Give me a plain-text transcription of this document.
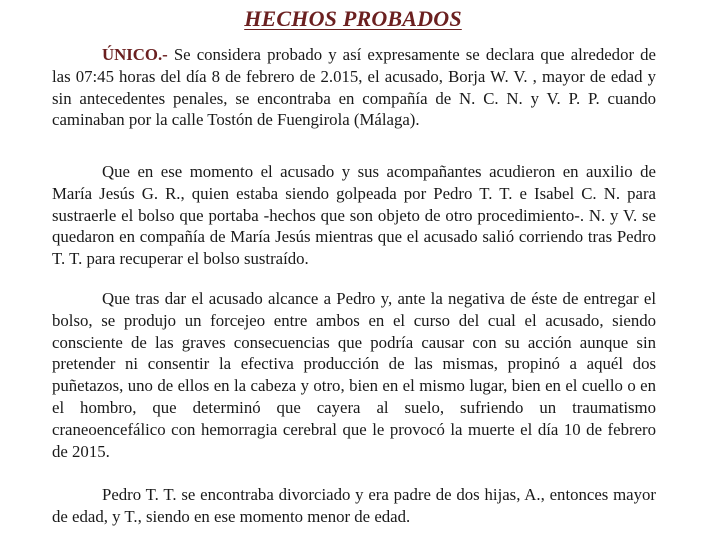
HECHOS PROBADOS

ÚNICO.- Se considera probado y así expresamente se declara que alrededor de las 07:45 horas del día 8 de febrero de 2.015, el acusado, Borja W. V. , mayor de edad y sin antecedentes penales, se encontraba en compañía de N. C. N. y V. P. P. cuando caminaban por la calle Tostón de Fuengirola (Málaga).

Que en ese momento el acusado y sus acompañantes acudieron en auxilio de María Jesús G. R., quien estaba siendo golpeada por Pedro T. T. e Isabel C. N. para sustraerle el bolso que portaba -hechos que son objeto de otro procedimiento-. N. y V. se quedaron en compañía de María Jesús mientras que el acusado salió corriendo tras Pedro T. T. para recuperar el bolso sustraído.

Que tras dar el acusado alcance a Pedro y, ante la negativa de éste de entregar el bolso, se produjo un forcejeo entre ambos en el curso del cual el acusado, siendo consciente de las graves consecuencias que podría causar con su acción aunque sin pretender ni consentir la efectiva producción de las mismas, propinó a aquél dos puñetazos, uno de ellos en la cabeza y otro, bien en el mismo lugar, bien en el cuello o en el hombro, que determinó que cayera al suelo, sufriendo un traumatismo craneoencefálico con hemorragia cerebral que le provocó la muerte el día 10 de febrero de 2015.

Pedro T. T. se encontraba divorciado y era padre de dos hijas, A., entonces mayor de edad, y T., siendo en ese momento menor de edad.
